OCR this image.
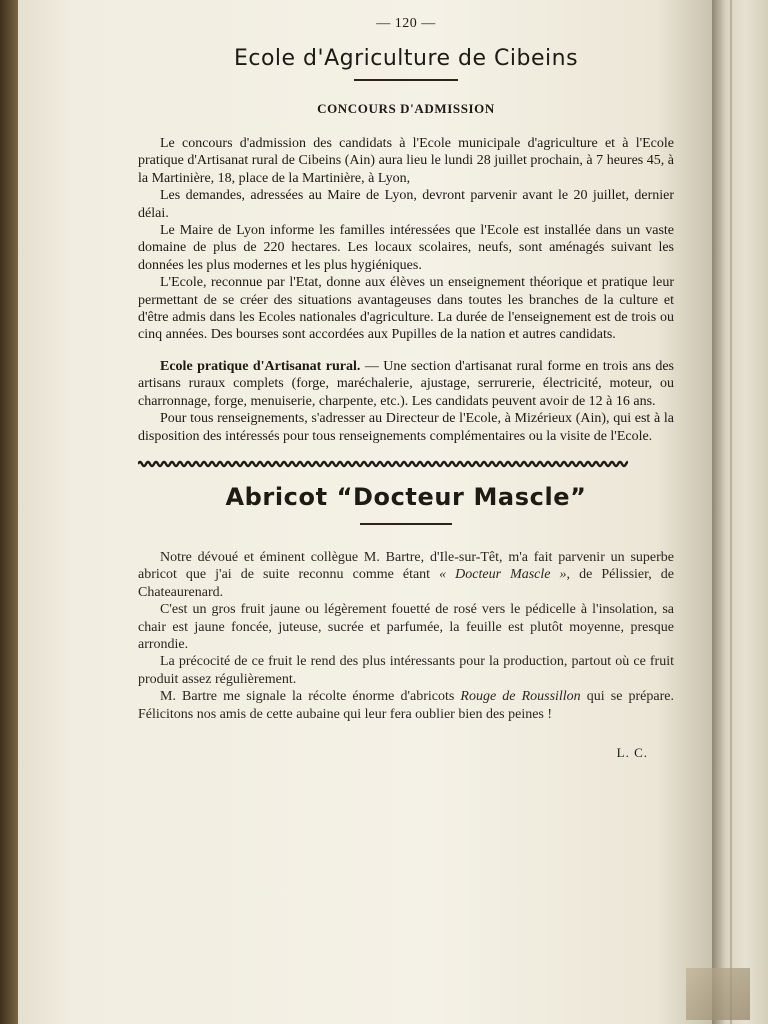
— 120 —
Ecole d'Agriculture de Cibeins
CONCOURS D'ADMISSION

Le concours d'admission des candidats à l'Ecole municipale d'agriculture et à l'Ecole pratique d'Artisanat rural de Cibeins (Ain) aura lieu le lundi 28 juillet prochain, à 7 heures 45, à la Martinière, 18, place de la Martinière, à Lyon,

Les demandes, adressées au Maire de Lyon, devront parvenir avant le 20 juillet, dernier délai.

Le Maire de Lyon informe les familles intéressées que l'Ecole est installée dans un vaste domaine de plus de 220 hectares. Les locaux scolaires, neufs, sont aménagés suivant les données les plus modernes et les plus hygiéniques.

L'Ecole, reconnue par l'Etat, donne aux élèves un enseignement théorique et pratique leur permettant de se créer des situations avantageuses dans toutes les branches de la culture et d'être admis dans les Ecoles nationales d'agriculture. La durée de l'enseignement est de trois ou cinq années. Des bourses sont accordées aux Pupilles de la nation et autres candidats.

Ecole pratique d'Artisanat rural. — Une section d'artisanat rural forme en trois ans des artisans ruraux complets (forge, maréchalerie, ajustage, serrurerie, électricité, moteur, ou charronnage, forge, menuiserie, charpente, etc.). Les candidats peuvent avoir de 12 à 16 ans.

Pour tous renseignements, s'adresser au Directeur de l'Ecole, à Mizérieux (Ain), qui est à la disposition des intéressés pour tous renseignements complémentaires ou la visite de l'Ecole.

Abricot “Docteur Mascle”

Notre dévoué et éminent collègue M. Bartre, d'Ile-sur-Têt, m'a fait parvenir un superbe abricot que j'ai de suite reconnu comme étant « Docteur Mascle », de Pélissier, de Chateaurenard.

C'est un gros fruit jaune ou légèrement fouetté de rosé vers le pédicelle à l'insolation, sa chair est jaune foncée, juteuse, sucrée et parfumée, la feuille est plutôt moyenne, presque arrondie.

La précocité de ce fruit le rend des plus intéressants pour la production, partout où ce fruit produit assez régulièrement.

M. Bartre me signale la récolte énorme d'abricots Rouge de Roussillon qui se prépare. Félicitons nos amis de cette aubaine qui leur fera oublier bien des peines !

L. C.
